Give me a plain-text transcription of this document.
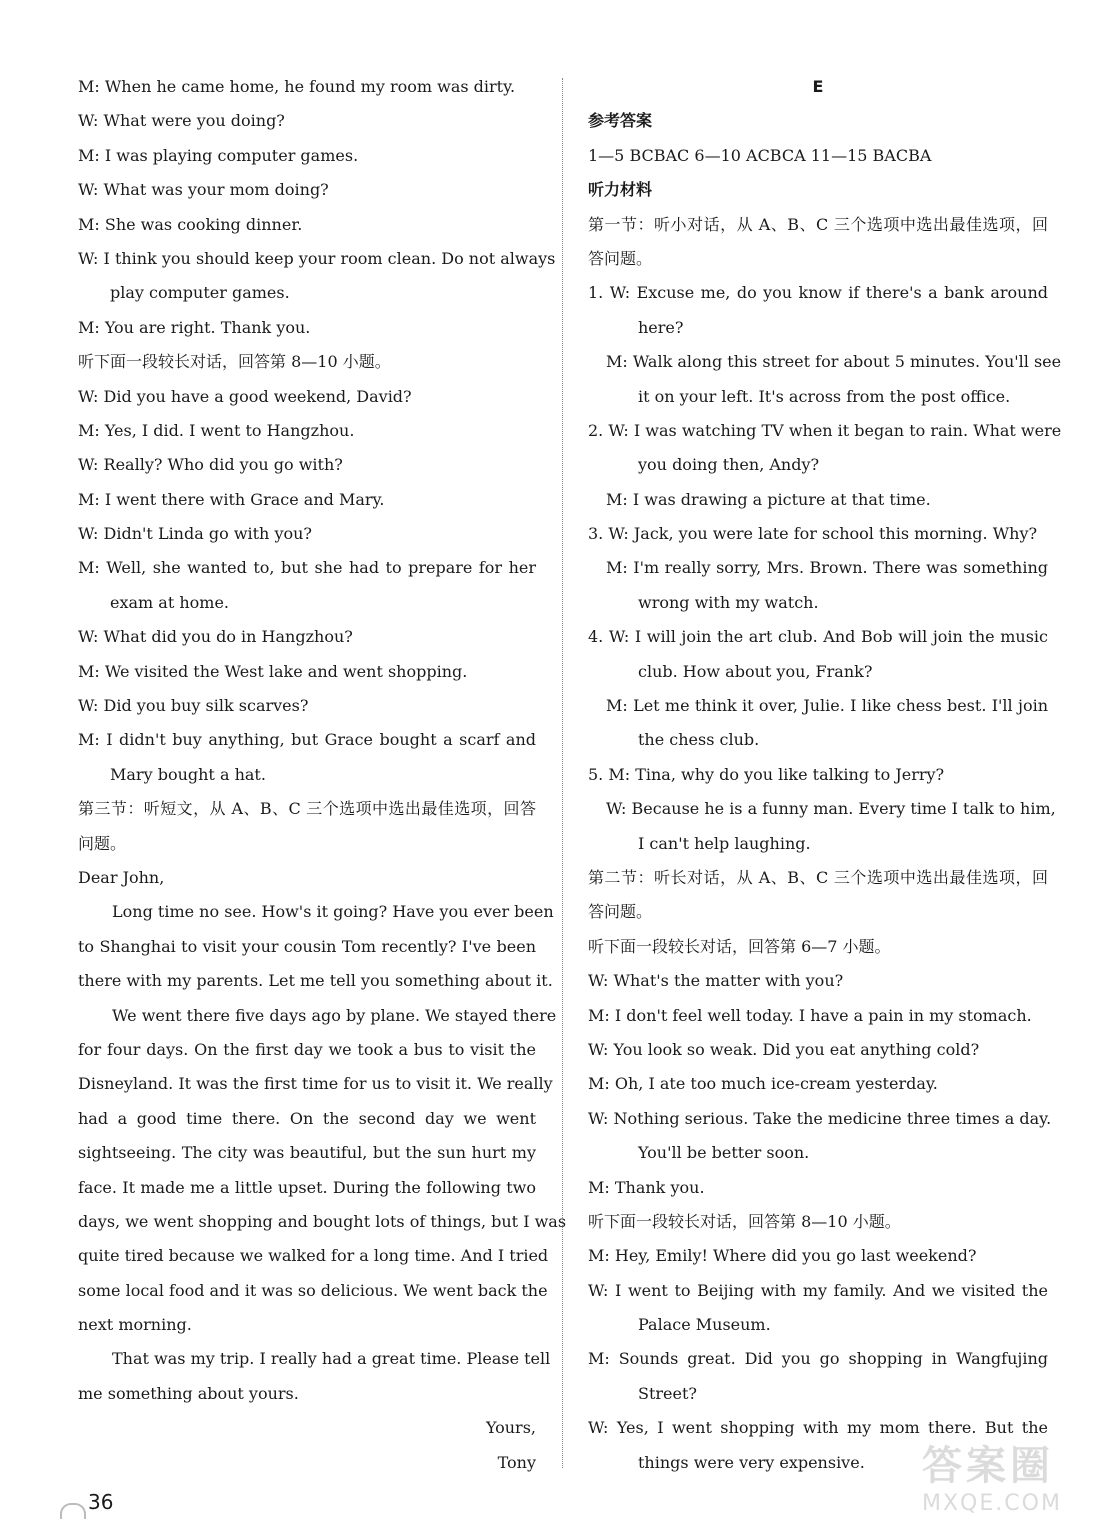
M: When he came home, he found my room was dirty.
W: What were you doing?
M: I was playing computer games.
W: What was your mom doing?
M: She was cooking dinner.
W: I think you should keep your room clean. Do not always
play computer games.
M: You are right. Thank you.
听下面一段较长对话，回答第 8—10 小题。
W: Did you have a good weekend, David?
M: Yes, I did. I went to Hangzhou.
W: Really? Who did you go with?
M: I went there with Grace and Mary.
W: Didn't Linda go with you?
M: Well, she wanted to, but she had to prepare for her
exam at home.
W: What did you do in Hangzhou?
M: We visited the West lake and went shopping.
W: Did you buy silk scarves?
M: I didn't buy anything, but Grace bought a scarf and
Mary bought a hat.
第三节：听短文，从 A、B、C 三个选项中选出最佳选项，回答
问题。
Dear John,
Long time no see. How's it going? Have you ever been
to Shanghai to visit your cousin Tom recently? I've been
there with my parents. Let me tell you something about it.
We went there five days ago by plane. We stayed there
for four days. On the first day we took a bus to visit the
Disneyland. It was the first time for us to visit it. We really
had a good time there. On the second day we went
sightseeing. The city was beautiful, but the sun hurt my
face. It made me a little upset. During the following two
days, we went shopping and bought lots of things, but I was
quite tired because we walked for a long time. And I tried
some local food and it was so delicious. We went back the
next morning.
That was my trip. I really had a great time. Please tell
me something about yours.
Yours,
Tony
E
参考答案
1—5 BCBAC 6—10 ACBCA 11—15 BACBA
听力材料
第一节：听小对话，从 A、B、C 三个选项中选出最佳选项，回
答问题。
1. W: Excuse me, do you know if there's a bank around
here?
M: Walk along this street for about 5 minutes. You'll see
it on your left. It's across from the post office.
2. W: I was watching TV when it began to rain. What were
you doing then, Andy?
M: I was drawing a picture at that time.
3. W: Jack, you were late for school this morning. Why?
M: I'm really sorry, Mrs. Brown. There was something
wrong with my watch.
4. W: I will join the art club. And Bob will join the music
club. How about you, Frank?
M: Let me think it over, Julie. I like chess best. I'll join
the chess club.
5. M: Tina, why do you like talking to Jerry?
W: Because he is a funny man. Every time I talk to him,
I can't help laughing.
第二节：听长对话，从 A、B、C 三个选项中选出最佳选项，回
答问题。
听下面一段较长对话，回答第 6—7 小题。
W: What's the matter with you?
M: I don't feel well today. I have a pain in my stomach.
W: You look so weak. Did you eat anything cold?
M: Oh, I ate too much ice-cream yesterday.
W: Nothing serious. Take the medicine three times a day.
You'll be better soon.
M: Thank you.
听下面一段较长对话，回答第 8—10 小题。
M: Hey, Emily! Where did you go last weekend?
W: I went to Beijing with my family. And we visited the
Palace Museum.
M: Sounds great. Did you go shopping in Wangfujing
Street?
W: Yes, I went shopping with my mom there. But the
things were very expensive.
36
答案圈
MXQE.COM
